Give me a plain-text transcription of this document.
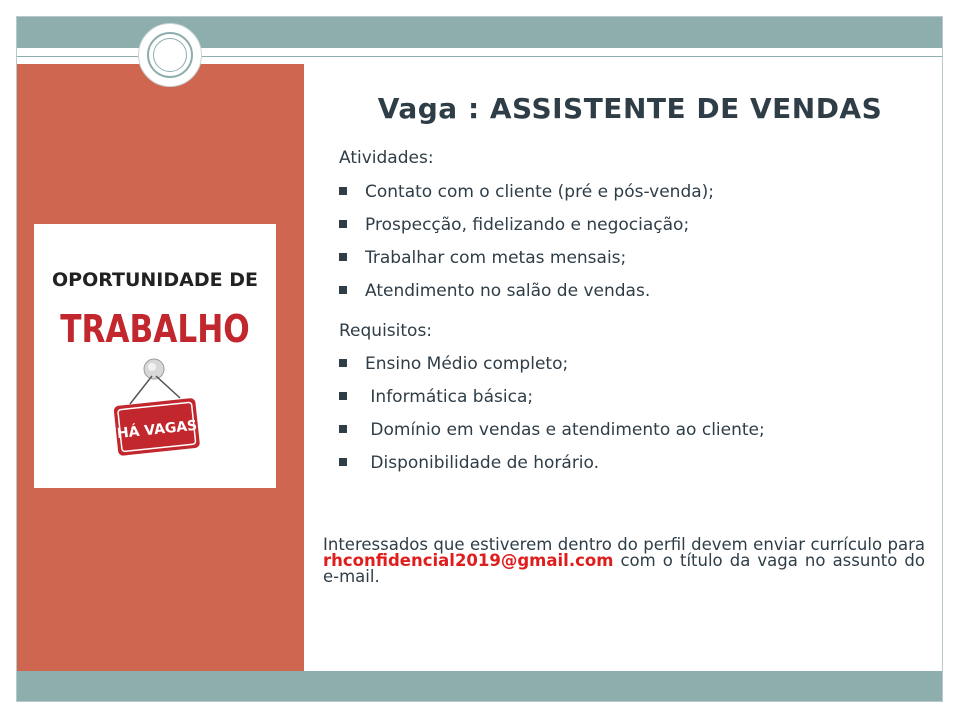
OPORTUNIDADE DE
TRABALHO
HÁ VAGAS
Vaga : ASSISTENTE DE VENDAS

Atividades:

Contato com o cliente (pré e pós-venda);
Prospecção, fidelizando e negociação;
Trabalhar com metas mensais;
Atendimento no salão de vendas.

Requisitos:

Ensino Médio completo;
Informática básica;
Domínio em vendas e atendimento ao cliente;
Disponibilidade de horário.

Interessados que estiverem dentro do perfil devem enviar currículo para rhconfidencial2019@gmail.com com o título da vaga no assunto do e-mail.
